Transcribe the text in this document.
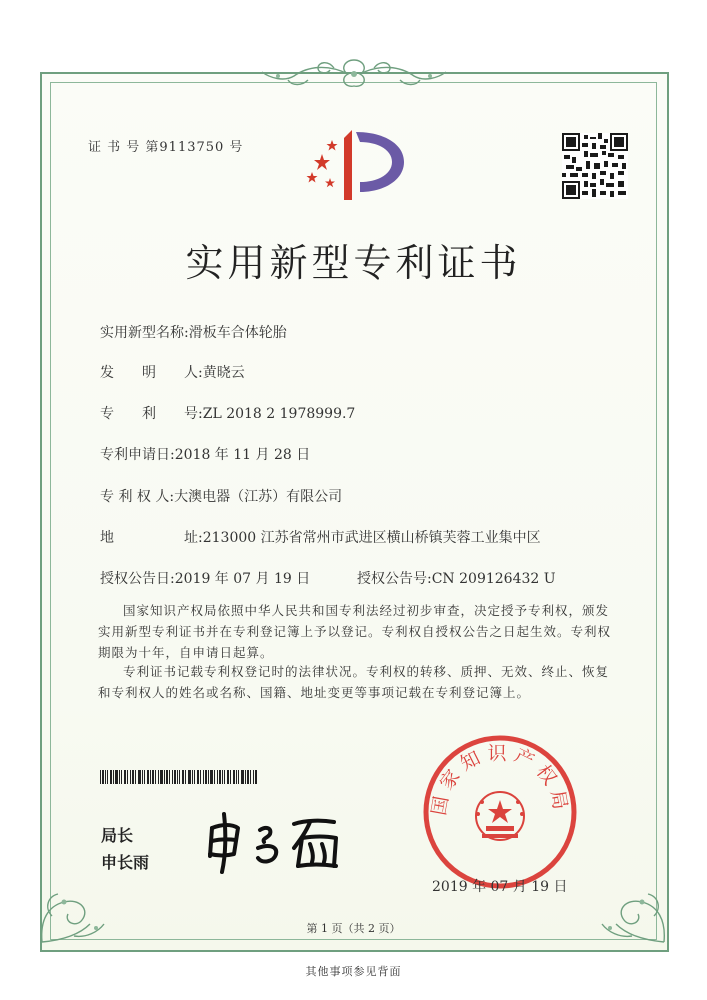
证 书 号 第9113750 号
实用新型专利证书
实用新型名称:滑板车合体轮胎
发　　明　　人:黄晓云
专　　利　　号:ZL 2018 2 1978999.7
专利申请日:2018 年 11 月 28 日
专 利 权 人:大澳电器（江苏）有限公司
地　　　　　址:213000 江苏省常州市武进区横山桥镇芙蓉工业集中区
授权公告日:2019 年 07 月 19 日	授权公告号:CN 209126432 U
国家知识产权局依照中华人民共和国专利法经过初步审查，决定授予专利权，颁发实用新型专利证书并在专利登记簿上予以登记。专利权自授权公告之日起生效。专利权期限为十年，自申请日起算。
专利证书记载专利权登记时的法律状况。专利权的转移、质押、无效、终止、恢复和专利权人的姓名或名称、国籍、地址变更等事项记载在专利登记簿上。
局长
申长雨
国家知识产权局
2019 年 07 月 19 日
第 1 页（共 2 页）
其他事项参见背面
